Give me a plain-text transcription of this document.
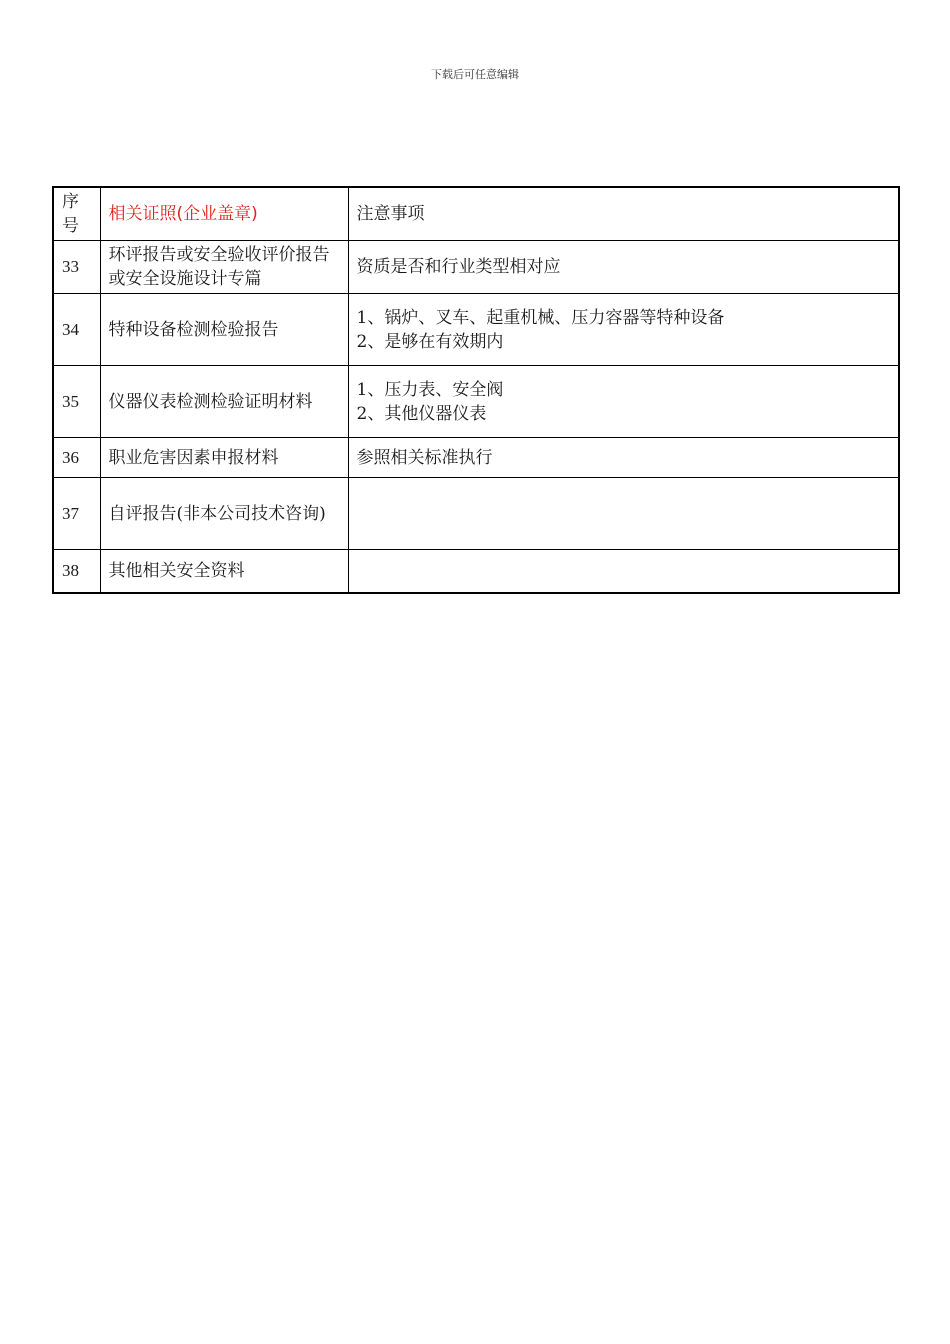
下载后可任意编辑
序号	相关证照(企业盖章)	注意事项
33	环评报告或安全验收评价报告或安全设施设计专篇	资质是否和行业类型相对应

34	特种设备检测检验报告	1、锅炉、叉车、起重机械、压力容器等特种设备
2、是够在有效期内

35	仪器仪表检测检验证明材料	1、压力表、安全阀
2、其他仪器仪表

36	职业危害因素申报材料	参照相关标准执行

37	自评报告(非本公司技术咨询)	
38	其他相关安全资料	
